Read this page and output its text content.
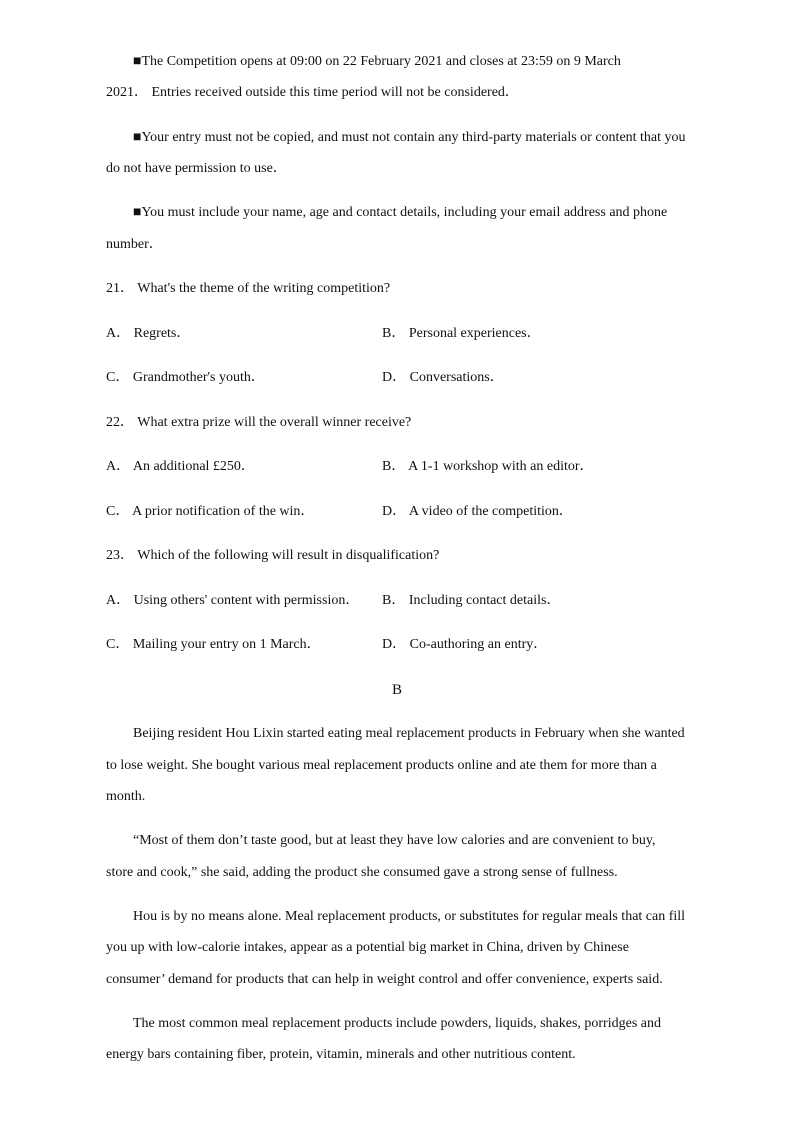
■The Competition opens at 09:00 on 22 February 2021 and closes at 23:59 on 9 March
2021． Entries received outside this time period will not be considered．
■Your entry must not be copied, and must not contain any third-party materials or content that you
do not have permission to use．
■You must include your name, age and contact details, including your email address and phone
number．
21． What's the theme of the writing competition?
A． Regrets．	B． Personal experiences．
C． Grandmother's youth．	D． Conversations．
22． What extra prize will the overall winner receive?
A． An additional £250．	B． A 1-1 workshop with an editor．
C． A prior notification of the win．	D． A video of the competition．
23． Which of the following will result in disqualification?
A． Using others' content with permission． B． Including contact details．
C． Mailing your entry on 1 March．	D． Co-authoring an entry．
B
Beijing resident Hou Lixin started eating meal replacement products in February when she wanted
to lose weight. She bought various meal replacement products online and ate them for more than a
month.
“Most of them don’t taste good, but at least they have low calories and are convenient to buy,
store and cook,” she said, adding the product she consumed gave a strong sense of fullness.
Hou is by no means alone. Meal replacement products, or substitutes for regular meals that can fill
you up with low-calorie intakes, appear as a potential big market in China, driven by Chinese
consumer’ demand for products that can help in weight control and offer convenience, experts said.
The most common meal replacement products include powders, liquids, shakes, porridges and
energy bars containing fiber, protein, vitamin, minerals and other nutritious content.
